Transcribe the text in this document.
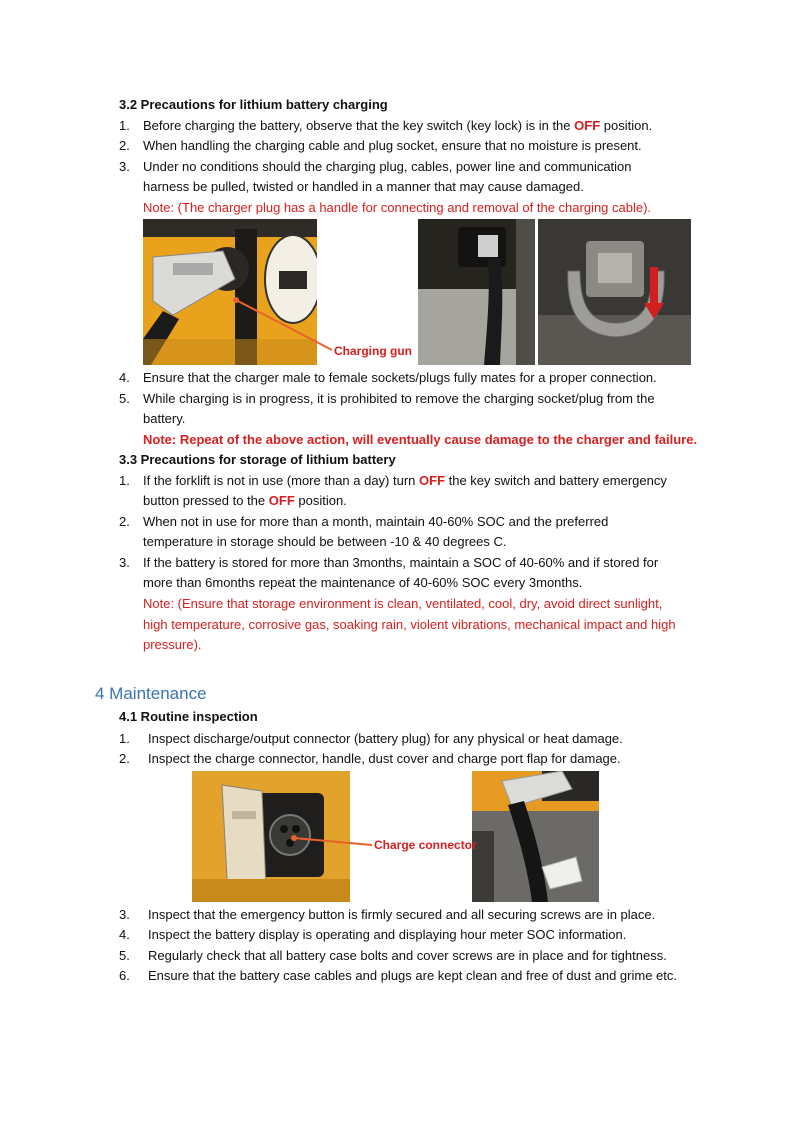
3.2 Precautions for lithium battery charging
1. Before charging the battery, observe that the key switch (key lock) is in the OFF position.
2. When handling the charging cable and plug socket, ensure that no moisture is present.
3. Under no conditions should the charging plug, cables, power line and communication
harness be pulled, twisted or handled in a manner that may cause damaged.
Note: (The charger plug has a handle for connecting and removal of the charging cable).
Charging gun
4. Ensure that the charger male to female sockets/plugs fully mates for a proper connection.
5. While charging is in progress, it is prohibited to remove the charging socket/plug from the
battery.
Note: Repeat of the above action, will eventually cause damage to the charger and failure.
3.3 Precautions for storage of lithium battery
1. If the forklift is not in use (more than a day) turn OFF the key switch and battery emergency
button pressed to the OFF position.
2. When not in use for more than a month, maintain 40-60% SOC and the preferred
temperature in storage should be between -10 & 40 degrees C.
3. If the battery is stored for more than 3months, maintain a SOC of 40-60% and if stored for
more than 6months repeat the maintenance of 40-60% SOC every 3months.
Note: (Ensure that storage environment is clean, ventilated, cool, dry, avoid direct sunlight,
high temperature, corrosive gas, soaking rain, violent vibrations, mechanical impact and high
pressure).
4 Maintenance
4.1 Routine inspection
1. Inspect discharge/output connector (battery plug) for any physical or heat damage.
2. Inspect the charge connector, handle, dust cover and charge port flap for damage.
Charge connector
3. Inspect that the emergency button is firmly secured and all securing screws are in place.
4. Inspect the battery display is operating and displaying hour meter SOC information.
5. Regularly check that all battery case bolts and cover screws are in place and for tightness.
6. Ensure that the battery case cables and plugs are kept clean and free of dust and grime etc.
